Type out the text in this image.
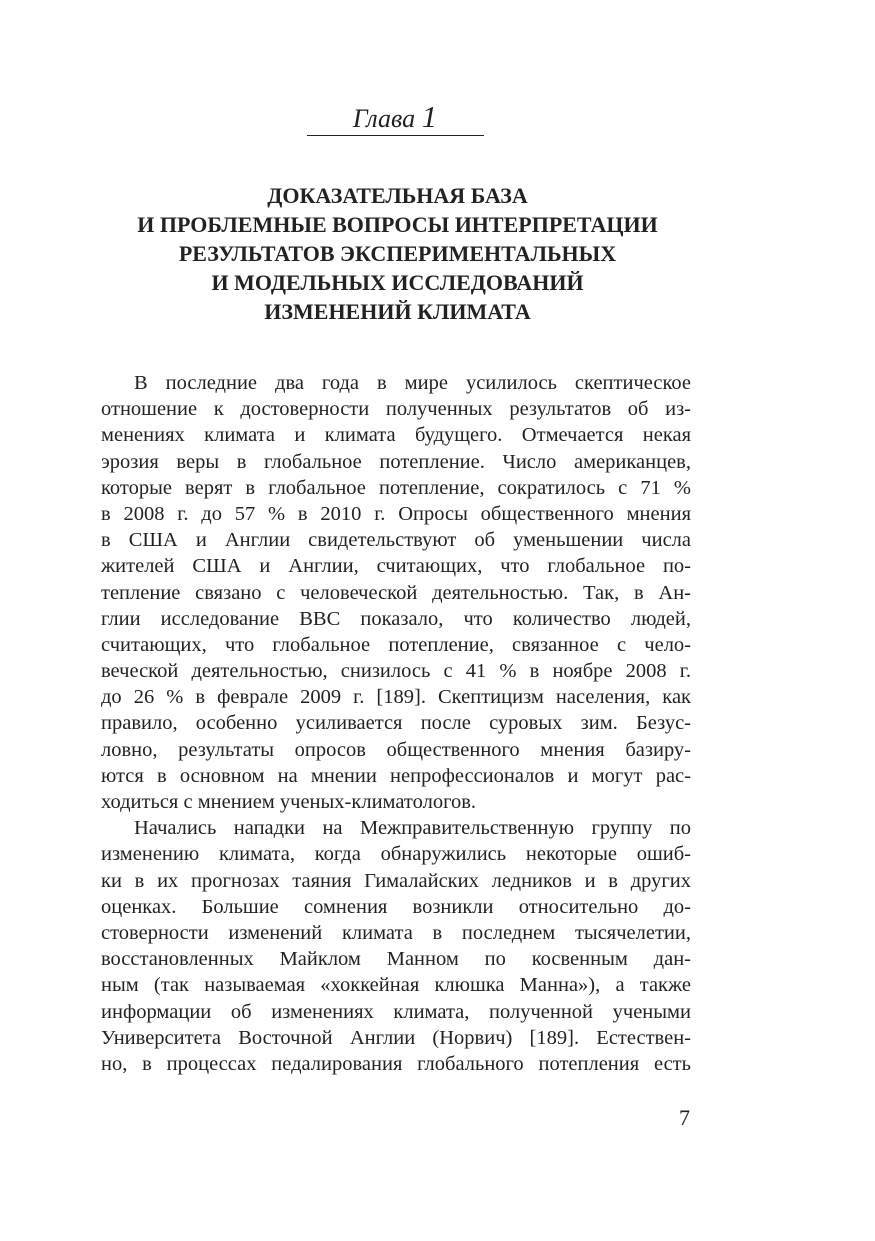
Глава 1
ДОКАЗАТЕЛЬНАЯ БАЗА
И ПРОБЛЕМНЫЕ ВОПРОСЫ ИНТЕРПРЕТАЦИИ
РЕЗУЛЬТАТОВ ЭКСПЕРИМЕНТАЛЬНЫХ
И МОДЕЛЬНЫХ ИССЛЕДОВАНИЙ
ИЗМЕНЕНИЙ КЛИМАТА
В последние два года в мире усилилось скептическое
отношение к достоверности полученных результатов об из-
менениях климата и климата будущего. Отмечается некая
эрозия веры в глобальное потепление. Число американцев,
которые верят в глобальное потепление, сократилось с 71 %
в 2008 г. до 57 % в 2010 г. Опросы общественного мнения
в США и Англии свидетельствуют об уменьшении числа
жителей США и Англии, считающих, что глобальное по-
тепление связано с человеческой деятельностью. Так, в Ан-
глии исследование BBC показало, что количество людей,
считающих, что глобальное потепление, связанное с чело-
веческой деятельностью, снизилось с 41 % в ноябре 2008 г.
до 26 % в феврале 2009 г. [189]. Скептицизм населения, как
правило, особенно усиливается после суровых зим. Безус-
ловно, результаты опросов общественного мнения базиру-
ются в основном на мнении непрофессионалов и могут рас-
ходиться с мнением ученых-климатологов.
Начались нападки на Межправительственную группу по
изменению климата, когда обнаружились некоторые ошиб-
ки в их прогнозах таяния Гималайских ледников и в других
оценках. Большие сомнения возникли относительно до-
стоверности изменений климата в последнем тысячелетии,
восстановленных Майклом Манном по косвенным дан-
ным (так называемая «хоккейная клюшка Манна»), а также
информации об изменениях климата, полученной учеными
Университета Восточной Англии (Норвич) [189]. Естествен-
но, в процессах педалирования глобального потепления есть
7
